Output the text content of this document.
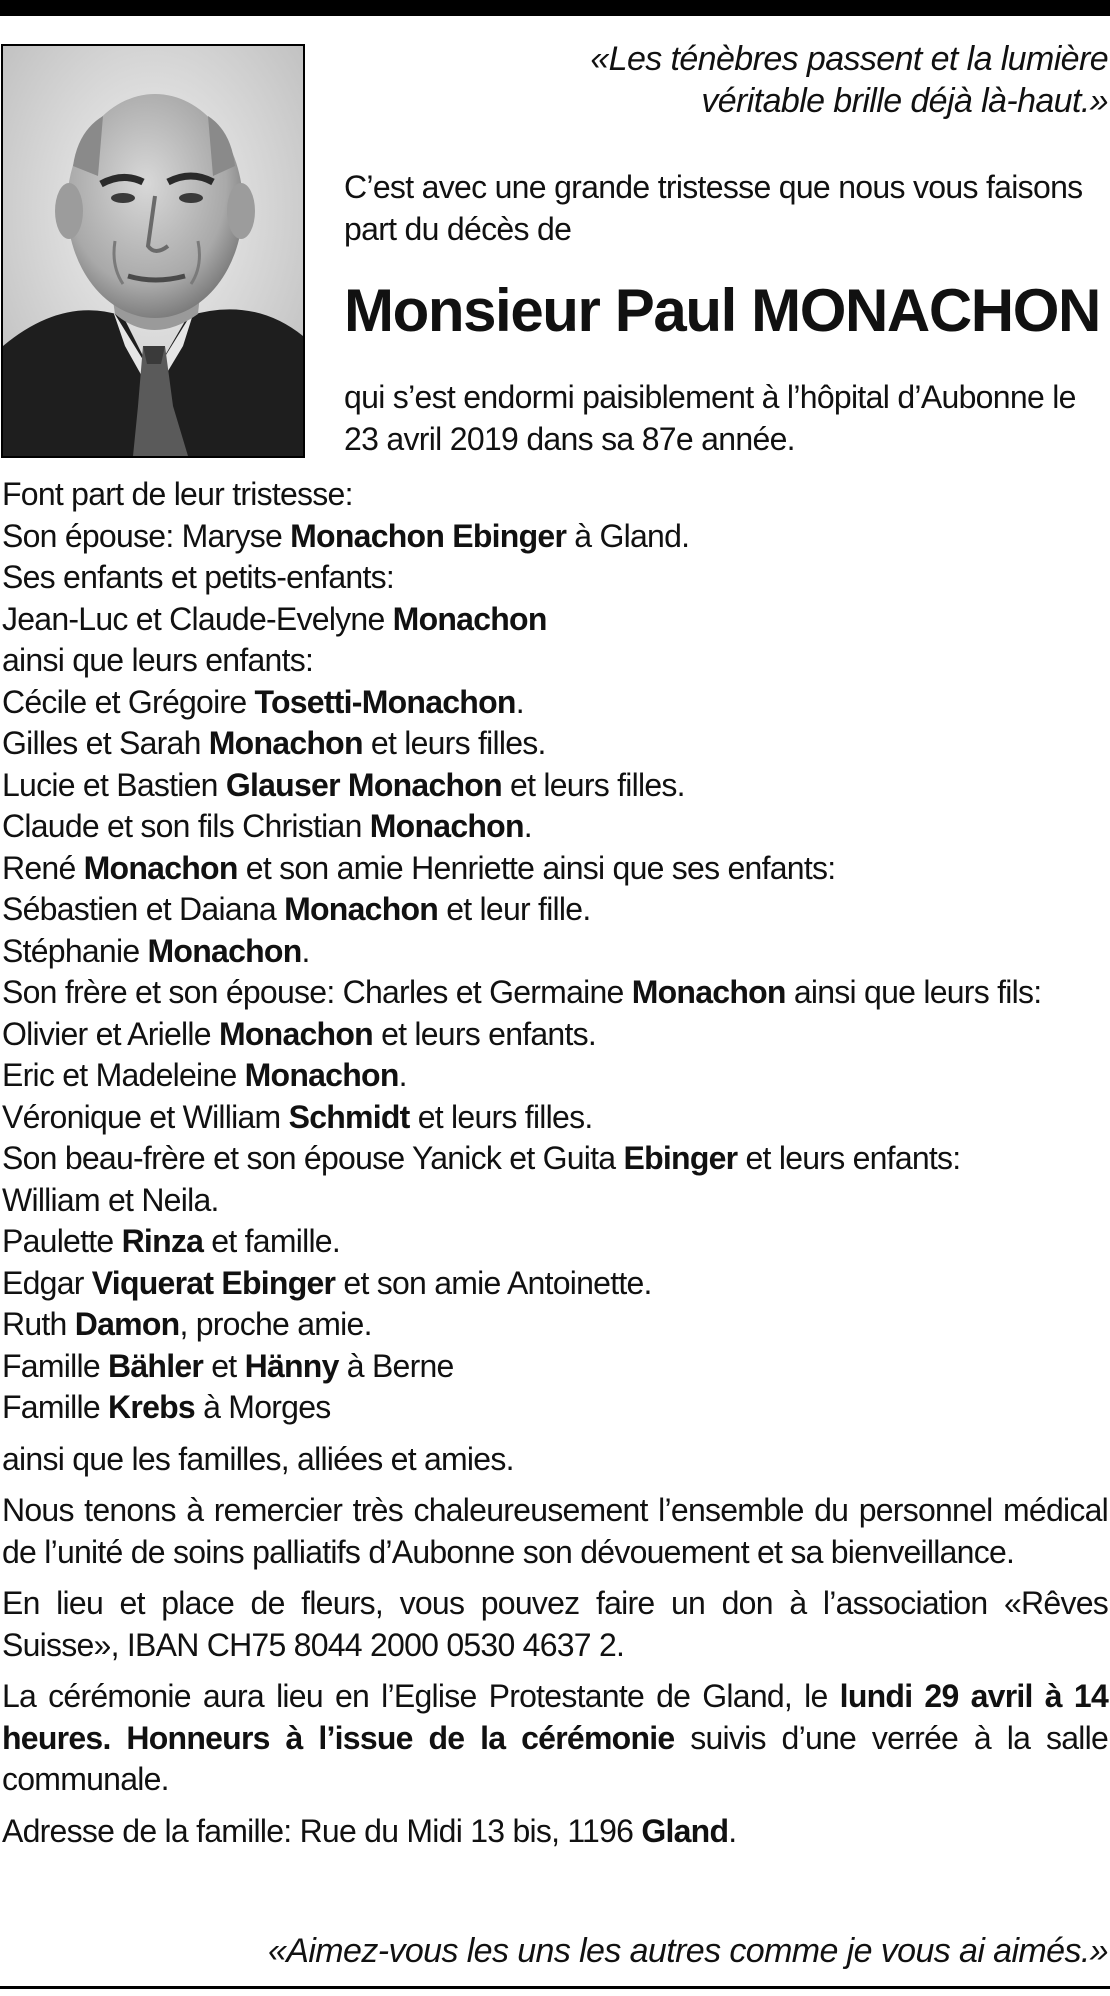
«Les ténèbres passent et la lumière
véritable brille déjà là-haut.»
C’est avec une grande tristesse que nous vous faisons part du décès de
Monsieur Paul MONACHON
qui s’est endormi paisiblement à l’hôpital d’Aubonne le 23 avril 2019 dans sa 87e année.
Font part de leur tristesse:
Son épouse: Maryse Monachon Ebinger à Gland.
Ses enfants et petits-enfants:
Jean-Luc et Claude-Evelyne Monachon
ainsi que leurs enfants:
Cécile et Grégoire Tosetti-Monachon.
Gilles et Sarah Monachon et leurs filles.
Lucie et Bastien Glauser Monachon et leurs filles.
Claude et son fils Christian Monachon.
René Monachon et son amie Henriette ainsi que ses enfants:
Sébastien et Daiana Monachon et leur fille.
Stéphanie Monachon.
Son frère et son épouse: Charles et Germaine Monachon ainsi que leurs fils:
Olivier et Arielle Monachon et leurs enfants.
Eric et Madeleine Monachon.
Véronique et William Schmidt et leurs filles.
Son beau-frère et son épouse Yanick et Guita Ebinger et leurs enfants:
William et Neila.
Paulette Rinza et famille.
Edgar Viquerat Ebinger et son amie Antoinette.
Ruth Damon, proche amie.
Famille Bähler et Hänny à Berne
Famille Krebs à Morges
ainsi que les familles, alliées et amies.
Nous tenons à remercier très chaleureusement l’ensemble du personnel médical de l’unité de soins palliatifs d’Aubonne son dévouement et sa bienveillance.
En lieu et place de fleurs, vous pouvez faire un don à l’association «Rêves Suisse», IBAN CH75 8044 2000 0530 4637 2.
La cérémonie aura lieu en l’Eglise Protestante de Gland, le lundi 29 avril à 14 heures. Honneurs à l’issue de la cérémonie suivis d’une verrée à la salle communale.
Adresse de la famille: Rue du Midi 13 bis, 1196 Gland.
«Aimez-vous les uns les autres comme je vous ai aimés.»
